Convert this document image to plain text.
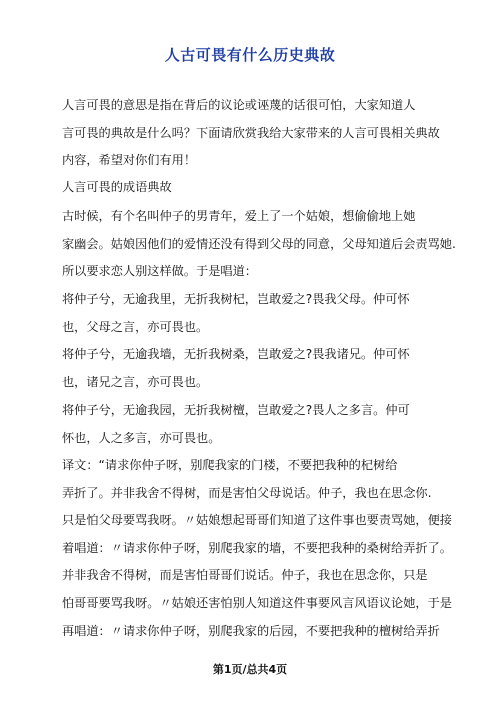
人古可畏有什么历史典故
人言可畏的意思是指在背后的议论或诬蔑的话很可怕，大家知道人
言可畏的典故是什么吗？下面请欣赏我给大家带来的人言可畏相关典故
内容，希望对你们有用！
人言可畏的成语典故
古时候，有个名叫仲子的男青年，爱上了一个姑娘，想偷偷地上她
家幽会。姑娘因他们的爱情还没有得到父母的同意，父母知道后会责骂她.
所以要求恋人别这样做。于是唱道：
将仲子兮，无逾我里，无折我树杞，岂敢爱之?畏我父母。仲可怀
也，父母之言，亦可畏也。
将仲子兮，无逾我墙，无折我树桑，岂敢爱之?畏我诸兄。仲可怀
也，诸兄之言，亦可畏也。
将仲子兮，无逾我园，无折我树檀，岂敢爱之?畏人之多言。仲可
怀也，人之多言，亦可畏也。
译文：“请求你仲子呀，别爬我家的门楼，不要把我种的杞树给
弄折了。并非我舍不得树，而是害怕父母说话。仲子，我也在思念你.
只是怕父母要骂我呀。〃姑娘想起哥哥们知道了这件事也要责骂她，便接
着唱道：〃请求你仲子呀，别爬我家的墙，不要把我种的桑树给弄折了。
并非我舍不得树，而是害怕哥哥们说话。仲子，我也在思念你，只是
怕哥哥要骂我呀。〃姑娘还害怕别人知道这件事要风言风语议论她，于是
再唱道：〃请求你仲子呀，别爬我家的后园，不要把我种的檀树给弄折
第1页/总共4页
